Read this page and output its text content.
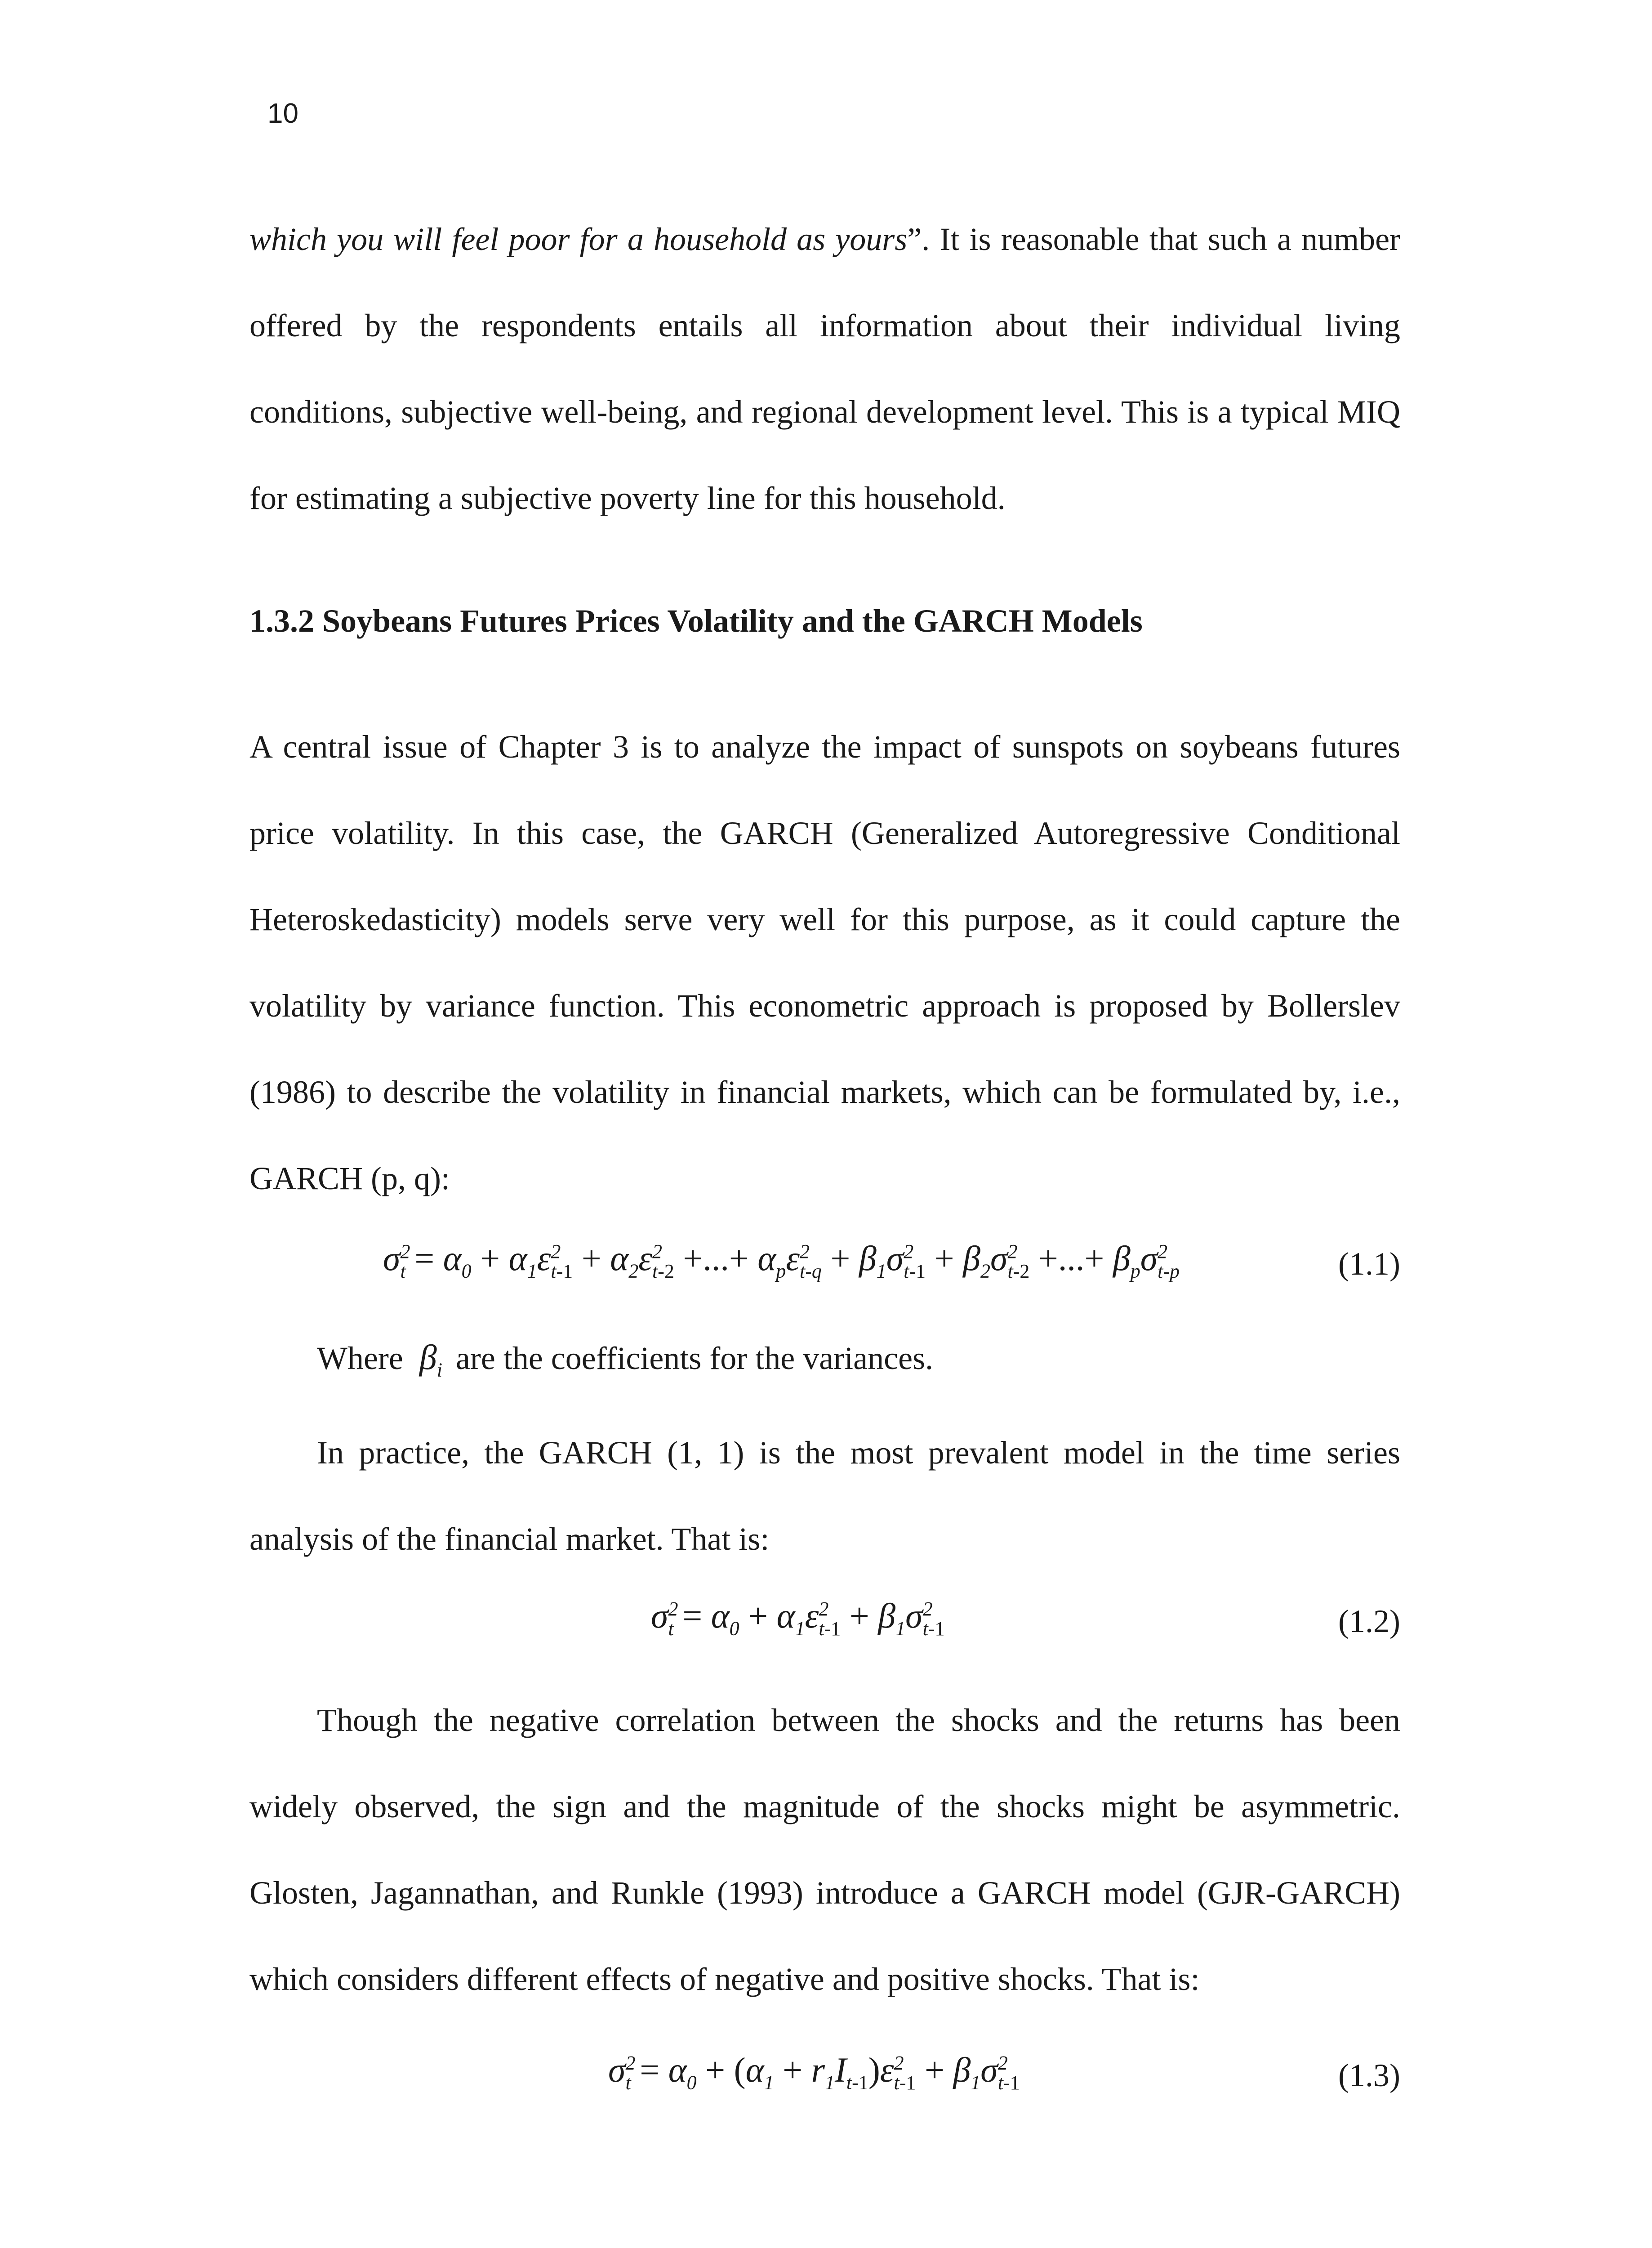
10
which you will feel poor for a household as yours”. It is reasonable that such a number offered by the respondents entails all information about their individual living conditions, subjective well-being, and regional development level. This is a typical MIQ for estimating a subjective poverty line for this household.
1.3.2 Soybeans Futures Prices Volatility and the GARCH Models
A central issue of Chapter 3 is to analyze the impact of sunspots on soybeans futures price volatility. In this case, the GARCH (Generalized Autoregressive Conditional Heteroskedasticity) models serve very well for this purpose, as it could capture the volatility by variance function. This econometric approach is proposed by Bollerslev (1986) to describe the volatility in financial markets, which can be formulated by, i.e., GARCH (p, q):
$\sigma^2_t = \alpha_0 + \alpha_1\varepsilon^2_{t-1} + \alpha_2\varepsilon^2_{t-2}$ +...+ $\alpha_p\varepsilon^2_{t-q} + \beta_1\sigma^2_{t-1} + \beta_2\sigma^2_{t-2}$ +...+ $\beta_p\sigma^2_{t-p}$	(1.1)
Where $\beta_i$ are the coefficients for the variances.
In practice, the GARCH (1, 1) is the most prevalent model in the time series analysis of the financial market. That is:
$\sigma^2_t = \alpha_0 + \alpha_1\varepsilon^2_{t-1} + \beta_1\sigma^2_{t-1}$	(1.2)
Though the negative correlation between the shocks and the returns has been widely observed, the sign and the magnitude of the shocks might be asymmetric. Glosten, Jagannathan, and Runkle (1993) introduce a GARCH model (GJR-GARCH) which considers different effects of negative and positive shocks. That is:
$\sigma^2_t = \alpha_0 + (\alpha_1 + r_1I_{t-1})\varepsilon^2_{t-1} + \beta_1\sigma^2_{t-1}$	(1.3)
